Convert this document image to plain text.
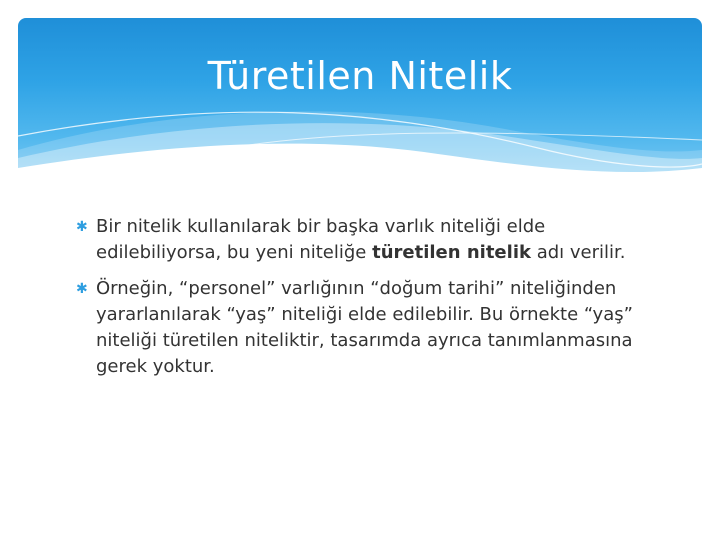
Türetilen Nitelik
✱ Bir nitelik kullanılarak bir başka varlık niteliği elde edilebiliyorsa, bu yeni niteliğe türetilen nitelik adı verilir.
✱ Örneğin, “personel” varlığının “doğum tarihi” niteliğinden yararlanılarak “yaş” niteliği elde edilebilir. Bu örnekte “yaş” niteliği türetilen niteliktir, tasarımda ayrıca tanımlanmasına gerek yoktur.
